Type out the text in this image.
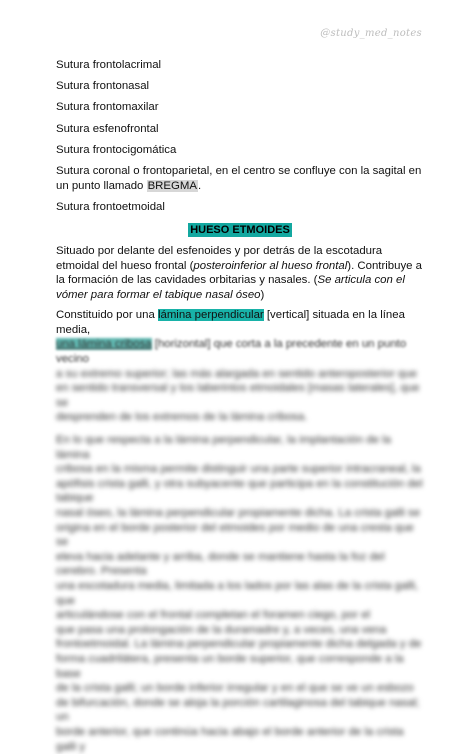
@study_med_notes
Sutura frontolacrimal
Sutura frontonasal
Sutura frontomaxilar
Sutura esfenofrontal
Sutura frontocigomática
Sutura coronal o frontoparietal, en el centro se confluye con la sagital en un punto llamado BREGMA.
Sutura frontoetmoidal
HUESO ETMOIDES

Situado por delante del esfenoides y por detrás de la escotadura etmoidal del hueso frontal (posteroinferior al hueso frontal). Contribuye a la formación de las cavidades orbitarias y nasales. (Se articula con el vómer para formar el tabique nasal óseo)

Constituido por una lámina perpendicular [vertical] situada en la línea media,
una lámina cribosa [horizontal] que corta a la precedente en un punto vecino

a su extremo superior; las más alargada en sentido anteroposterior que
en sentido transversal y los laberintos etmoidales [masas laterales], que se
desprenden de los extremos de la lámina cribosa.
En lo que respecta a la lámina perpendicular, la implantación de la lámina
cribosa en la misma permite distinguir una parte superior intracraneal, la
apófisis crista galli, y otra subyacente que participa en la constitución del tabique
nasal óseo, la lámina perpendicular propiamente dicha. La crista galli se
origina en el borde posterior del etmoides por medio de una cresta que se
eleva hacia adelante y arriba, donde se mantiene hasta la foz del cerebro. Presenta
una escotadura media, limitada a los lados por las alas de la crista galli, que
articulándose con el frontal completan el foramen ciego, por el
que pasa una prolongación de la duramadre y, a veces, una vena
frontoetmoidal. La lámina perpendicular propiamente dicha delgada y de
forma cuadrilátera, presenta un borde superior, que corresponde a la base
de la crista galli; un borde inferior irregular y en el que se ve un esbozo
de bifurcación, donde se aloja la porción cartilaginosa del tabique nasal; un
borde anterior, que continúa hacia abajo el borde anterior de la crista galli y
